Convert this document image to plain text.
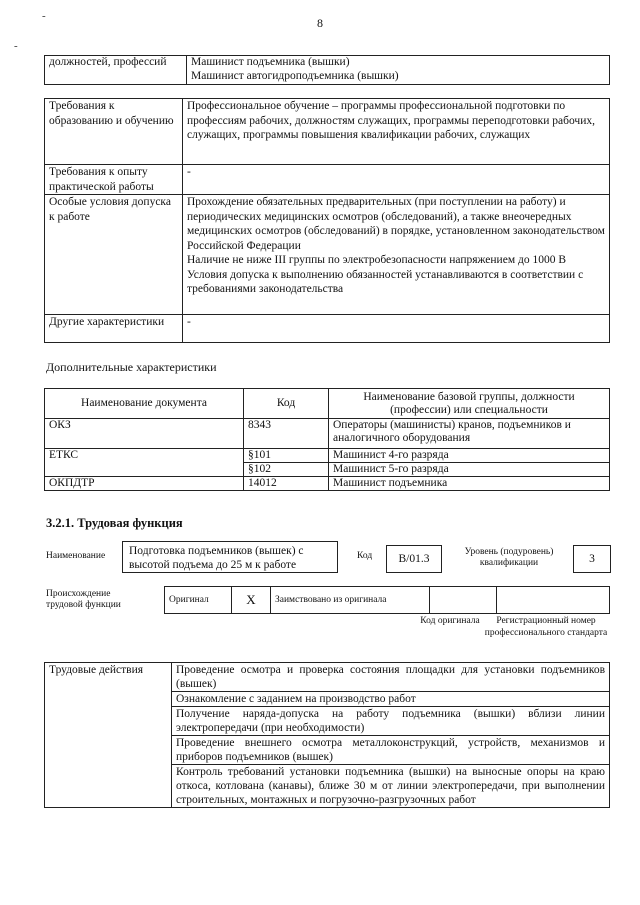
8
-
-
должностей, профессий	Машинист подъемника (вышки)
Машинист автогидроподъемника (вышки)
Требования к образованию и обучению	Профессиональное обучение – программы профессиональной подготовки по профессиям рабочих, должностям служащих, программы переподготовки рабочих, служащих, программы повышения квалификации рабочих, служащих
Требования к опыту практической работы	-
Особые условия допуска к работе	Прохождение обязательных предварительных (при поступлении на работу) и периодических медицинских осмотров (обследований), а также внеочередных медицинских осмотров (обследований) в порядке, установленном законодательством Российской Федерации
Наличие не ниже III группы по электробезопасности напряжением до 1000 В
Условия допуска к выполнению обязанностей устанавливаются в соответствии с требованиями законодательства

Другие характеристики	-
Дополнительные характеристики
Наименование документа	Код	Наименование базовой группы, должности (профессии) или специальности
ОКЗ	8343	Операторы (машинисты) кранов, подъемников и аналогичного оборудования
ЕТКС	§101	Машинист 4-го разряда
	§102	Машинист 5-го разряда
ОКПДТР	14012	Машинист подъемника
3.2.1. Трудовая функция
Наименование	Подготовка подъемников (вышек) с высотой подъема до 25 м к работе
Код	В/01.3
Уровень (подуровень) квалификации	3
Происхождение трудовой функции	Оригинал	X	Заимствовано из оригинала		
Код оригинала	Регистрационный номер профессионального стандарта
Трудовые действия	Проведение осмотра и проверка состояния площадки для установки подъемников (вышек)
Ознакомление с заданием на производство работ
Получение наряда-допуска на работу подъемника (вышки) вблизи линии электропередачи (при необходимости)
Проведение внешнего осмотра металлоконструкций, устройств, механизмов и приборов подъемников (вышек)
Контроль требований установки подъемника (вышки) на выносные опоры на краю откоса, котлована (канавы), ближе 30 м от линии электропередачи, при выполнении строительных, монтажных и погрузочно-разгрузочных работ
